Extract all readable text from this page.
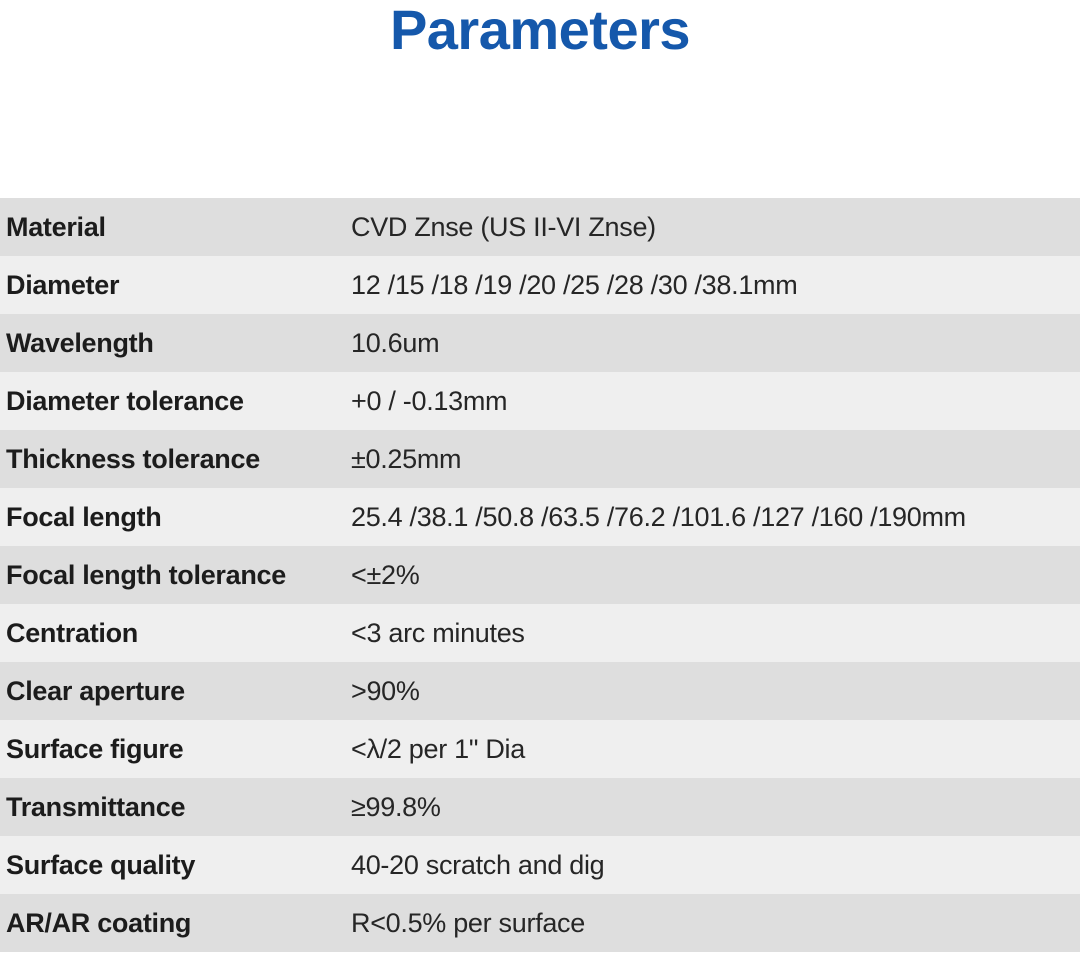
Parameters
Material	CVD Znse (US II-VI Znse)
Diameter	12 /15 /18 /19 /20 /25 /28 /30 /38.1mm
Wavelength	10.6um
Diameter tolerance	+0 / -0.13mm
Thickness tolerance	±0.25mm
Focal length	25.4 /38.1 /50.8 /63.5 /76.2 /101.6 /127 /160 /190mm
Focal length tolerance	<±2%
Centration	<3 arc minutes
Clear aperture	>90%
Surface figure	<λ/2 per 1" Dia
Transmittance	≥99.8%
Surface quality	40-20 scratch and dig
AR/AR coating	R<0.5% per surface
